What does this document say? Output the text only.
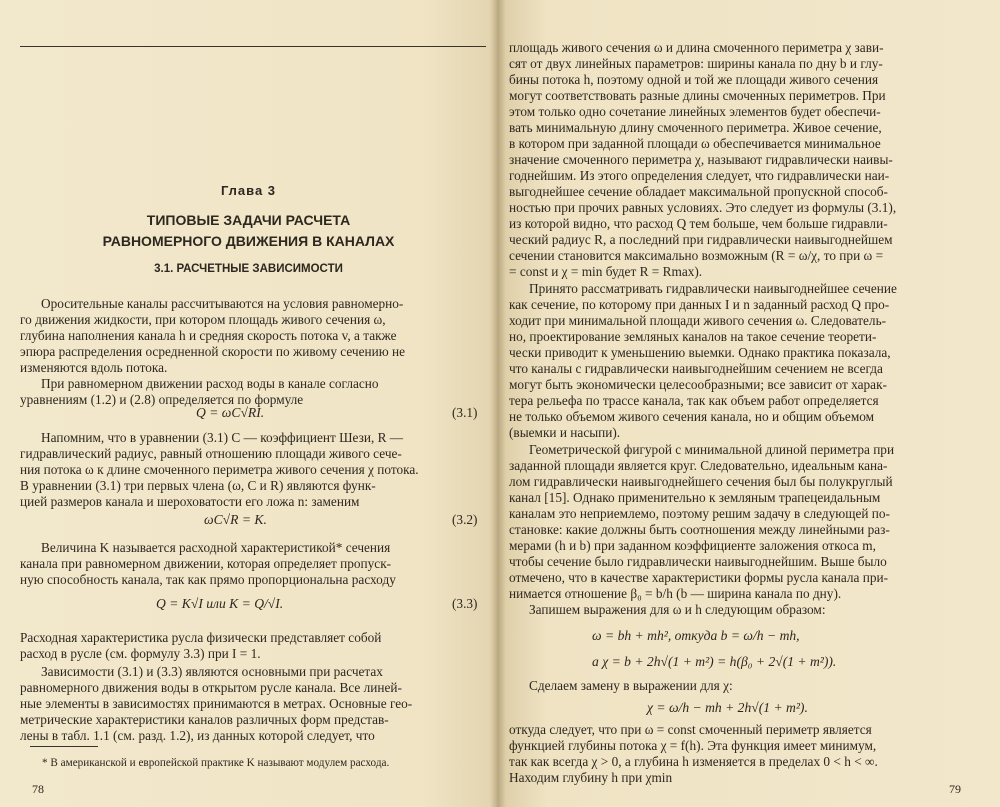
Глава 3
ТИПОВЫЕ ЗАДАЧИ РАСЧЕТА
РАВНОМЕРНОГО ДВИЖЕНИЯ В КАНАЛАХ
3.1. РАСЧЕТНЫЕ ЗАВИСИМОСТИ
Оросительные каналы рассчитываются на условия равномерно-
го движения жидкости, при котором площадь живого сечения ω,
глубина наполнения канала h и средняя скорость потока v, а также
эпюра распределения осредненной скорости по живому сечению не
изменяются вдоль потока.
При равномерном движении расход воды в канале согласно
уравнениям (1.2) и (2.8) определяется по формуле
Q = ωC√RI.	(3.1)
Напомним, что в уравнении (3.1) C — коэффициент Шези, R —
гидравлический радиус, равный отношению площади живого сече-
ния потока ω к длине смоченного периметра живого сечения χ потока.
В уравнении (3.1) три первых члена (ω, C и R) являются функ-
цией размеров канала и шероховатости его ложа n: заменим
ωC√R = K.	(3.2)
Величина K называется расходной характеристикой* сечения
канала при равномерном движении, которая определяет пропуск-
ную способность канала, так как прямо пропорциональна расходу
Q = K√I или K = Q/√I.	(3.3)
Расходная характеристика русла физически представляет собой
расход в русле (см. формулу 3.3) при I = 1.
Зависимости (3.1) и (3.3) являются основными при расчетах
равномерного движения воды в открытом русле канала. Все линей-
ные элементы в зависимостях принимаются в метрах. Основные гео-
метрические характеристики каналов различных форм представ-
лены в табл. 1.1 (см. разд. 1.2), из данных которой следует, что
* В американской и европейской практике K называют модулем расхода.
78
площадь живого сечения ω и длина смоченного периметра χ зави-
сят от двух линейных параметров: ширины канала по дну b и глу-
бины потока h, поэтому одной и той же площади живого сечения
могут соответствовать разные длины смоченных периметров. При
этом только одно сочетание линейных элементов будет обеспечи-
вать минимальную длину смоченного периметра. Живое сечение,
в котором при заданной площади ω обеспечивается минимальное
значение смоченного периметра χ, называют гидравлически наивы-
годнейшим. Из этого определения следует, что гидравлически наи-
выгоднейшее сечение обладает максимальной пропускной способ-
ностью при прочих равных условиях. Это следует из формулы (3.1),
из которой видно, что расход Q тем больше, чем больше гидравли-
ческий радиус R, а последний при гидравлически наивыгоднейшем
сечении становится максимально возможным (R = ω/χ, то при ω =
= const и χ = min будет R = Rmax).
Принято рассматривать гидравлически наивыгоднейшее сечение
как сечение, по которому при данных I и n заданный расход Q про-
ходит при минимальной площади живого сечения ω. Следователь-
но, проектирование земляных каналов на такое сечение теорети-
чески приводит к уменьшению выемки. Однако практика показала,
что каналы с гидравлически наивыгоднейшим сечением не всегда
могут быть экономически целесообразными; все зависит от харак-
тера рельефа по трассе канала, так как объем работ определяется
не только объемом живого сечения канала, но и общим объемом
(выемки и насыпи).
Геометрической фигурой с минимальной длиной периметра при
заданной площади является круг. Следовательно, идеальным кана-
лом гидравлически наивыгоднейшего сечения был бы полукруглый
канал [15]. Однако применительно к земляным трапецеидальным
каналам это неприемлемо, поэтому решим задачу в следующей по-
становке: какие должны быть соотношения между линейными раз-
мерами (h и b) при заданном коэффициенте заложения откоса m,
чтобы сечение было гидравлически наивыгоднейшим. Выше было
отмечено, что в качестве характеристики формы русла канала при-
нимается отношение β₀ = b/h (b — ширина канала по дну).
Запишем выражения для ω и h следующим образом:
ω = bh + mh², откуда b = ω/h − mh,
а χ = b + 2h√(1 + m²) = h(β₀ + 2√(1 + m²)).
Сделаем замену в выражении для χ:
χ = ω/h − mh + 2h√(1 + m²).
откуда следует, что при ω = const смоченный периметр является
функцией глубины потока χ = f(h). Эта функция имеет минимум,
так как всегда χ > 0, а глубина h изменяется в пределах 0 < h < ∞.
Находим глубину h при χmin
79
